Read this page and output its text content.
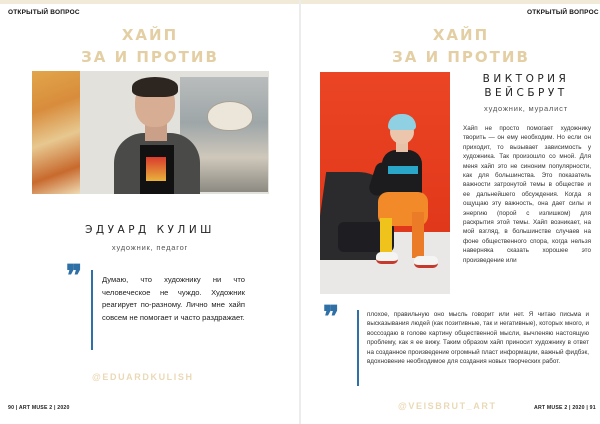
ОТКРЫТЫЙ ВОПРОС
ХАЙП
ЗА И ПРОТИВ
ЭДУАРД КУЛИШ
художник, педагог
❞	Думаю, что художнику ни что человеческое не чуждо. Художник реагирует по-разному. Лично мне хайп совсем не помогает и часто раздражает.
@EDUARDKULISH
90 | ART MUSE 2 | 2020
ОТКРЫТЫЙ ВОПРОС
ХАЙП
ЗА И ПРОТИВ
ВИКТОРИЯ
ВЕЙСБРУТ
художник, муралист
Хайп не просто помогает художнику творить — он ему необходим. Но если он приходит, то вызывает зависимость у художника. Так произошло со мной. Для меня хайп это не синоним популярности, как для большинства. Это показатель важности затронутой темы в обществе и ее дальнейшего обсуждения. Когда я ощущаю эту важность, она дает силы и энергию (порой с излишком) для раскрытия этой темы. Хайп возникает, на мой взгляд, в большинстве случаев на фоне общественного спора, когда нельзя наверняка сказать хорошее это произведение или
❞	плохое, правильную оно мысль говорит или нет. Я читаю письма и высказывания людей (как позитивные, так и негативные), которых много, и воссоздаю в голове картину общественной мысли, вычленяю настоящую проблему, как я ее вижу. Таким образом хайп приносит художнику в ответ на созданное произведение огромный пласт информации, важный фидбэк, вдохновение необходимое для создания новых творческих работ.
@VEISBRUT_ART	ART MUSE 2 | 2020 | 91
